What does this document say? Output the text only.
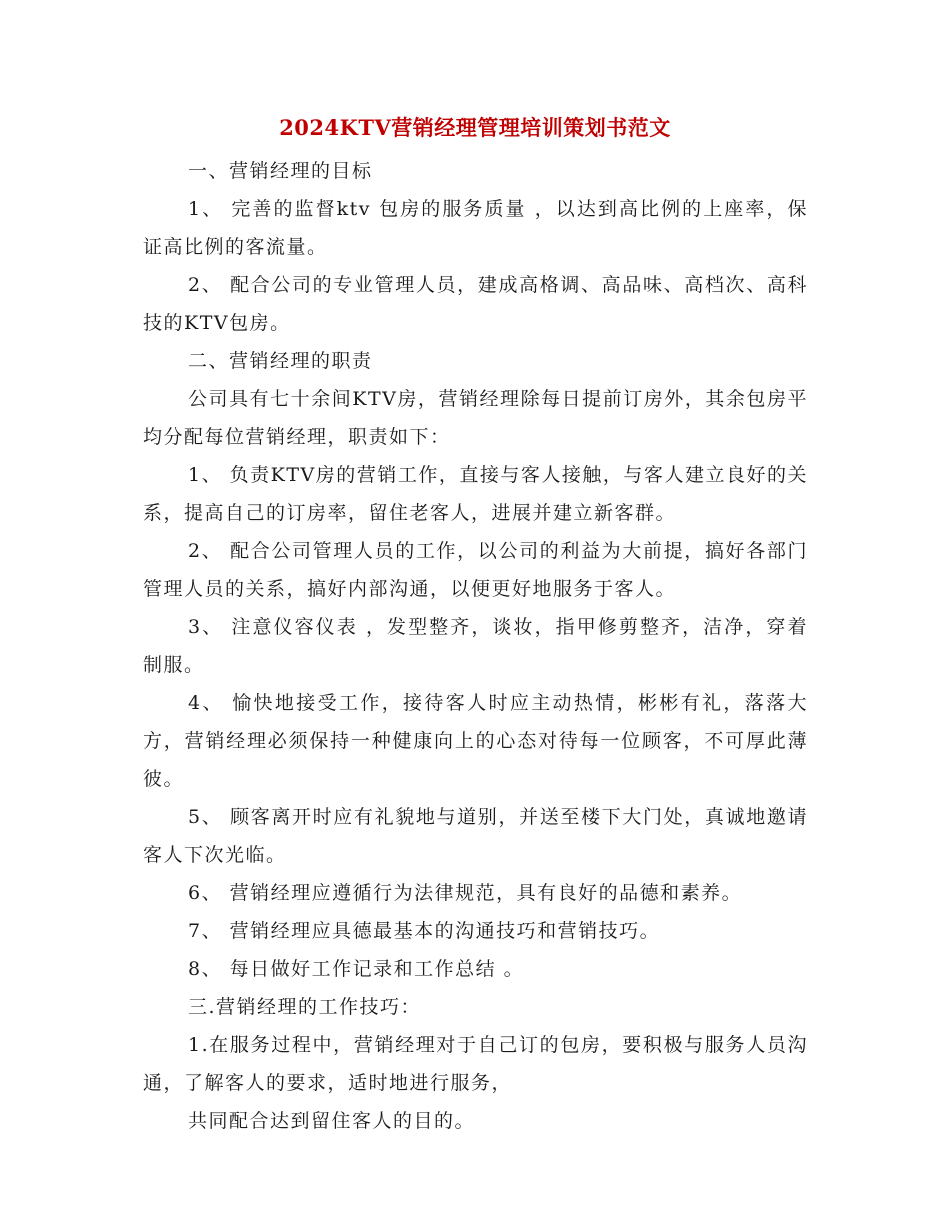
2024KTV营销经理管理培训策划书范文

一、营销经理的目标

1、 完善的监督ktv 包房的服务质量 ，以达到高比例的上座率，保证高比例的客流量。

2、 配合公司的专业管理人员，建成高格调、高品味、高档次、高科技的KTV包房。

二、营销经理的职责

公司具有七十余间KTV房，营销经理除每日提前订房外，其余包房平均分配每位营销经理，职责如下：

1、 负责KTV房的营销工作，直接与客人接触，与客人建立良好的关系，提高自己的订房率，留住老客人，进展并建立新客群。

2、 配合公司管理人员的工作，以公司的利益为大前提，搞好各部门管理人员的关系，搞好内部沟通，以便更好地服务于客人。

3、 注意仪容仪表 ，发型整齐，谈妆，指甲修剪整齐，洁净，穿着制服。

4、 愉快地接受工作，接待客人时应主动热情，彬彬有礼，落落大方，营销经理必须保持一种健康向上的心态对待每一位顾客，不可厚此薄彼。

5、 顾客离开时应有礼貌地与道别，并送至楼下大门处，真诚地邀请客人下次光临。

6、 营销经理应遵循行为法律规范，具有良好的品德和素养。

7、 营销经理应具德最基本的沟通技巧和营销技巧。

8、 每日做好工作记录和工作总结 。

三.营销经理的工作技巧：

1.在服务过程中，营销经理对于自己订的包房，要积极与服务人员沟通，了解客人的要求，适时地进行服务，

共同配合达到留住客人的目的。
